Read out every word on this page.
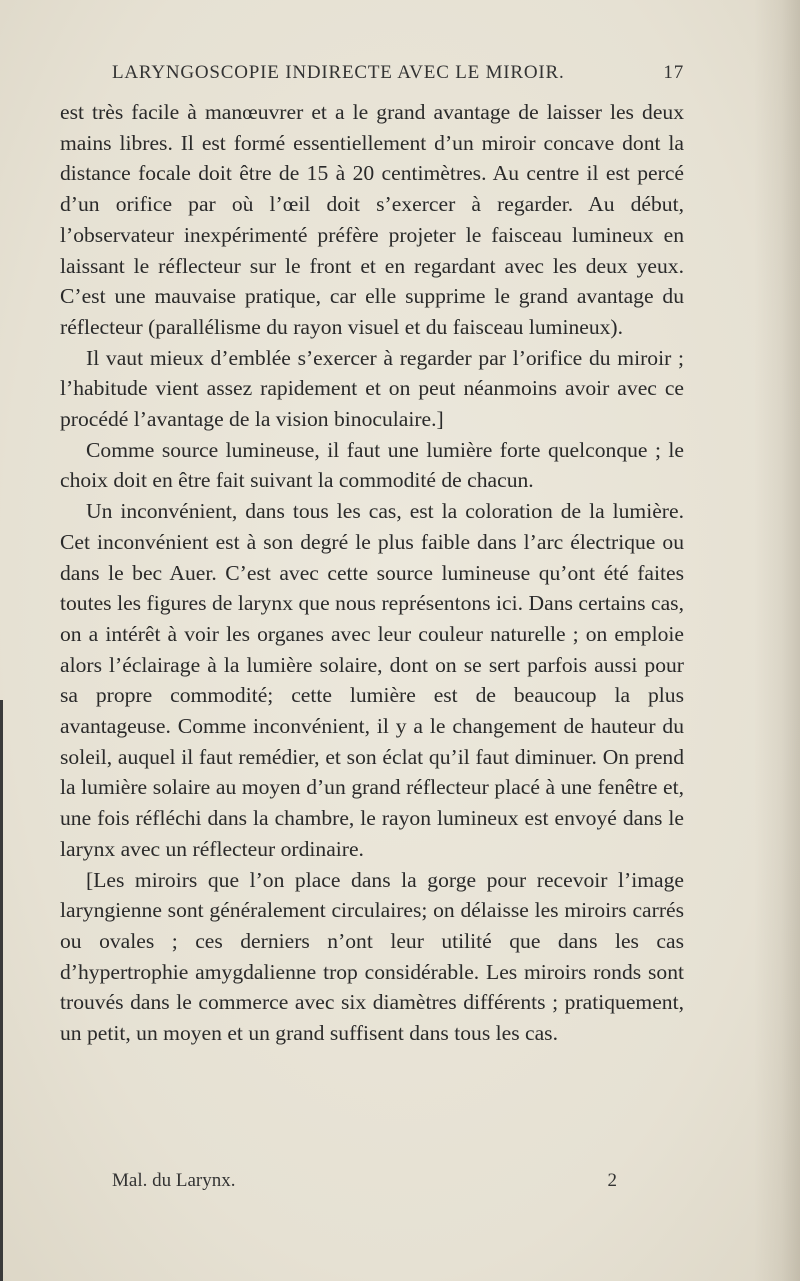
LARYNGOSCOPIE INDIRECTE AVEC LE MIROIR.	17

est très facile à manœuvrer et a le grand avantage de laisser les deux mains libres. Il est formé essentiellement d’un miroir concave dont la distance focale doit être de 15 à 20 centimètres. Au centre il est percé d’un orifice par où l’œil doit s’exercer à regarder. Au début, l’observateur inexpérimenté préfère projeter le faisceau lumineux en laissant le réflecteur sur le front et en regardant avec les deux yeux. C’est une mauvaise pratique, car elle supprime le grand avantage du réflecteur (parallélisme du rayon visuel et du faisceau lumineux).

Il vaut mieux d’emblée s’exercer à regarder par l’orifice du miroir ; l’habitude vient assez rapidement et on peut néanmoins avoir avec ce procédé l’avantage de la vision binoculaire.]

Comme source lumineuse, il faut une lumière forte quelconque ; le choix doit en être fait suivant la commodité de chacun.

Un inconvénient, dans tous les cas, est la coloration de la lumière. Cet inconvénient est à son degré le plus faible dans l’arc électrique ou dans le bec Auer. C’est avec cette source lumineuse qu’ont été faites toutes les figures de larynx que nous représentons ici. Dans certains cas, on a intérêt à voir les organes avec leur couleur naturelle ; on emploie alors l’éclairage à la lumière solaire, dont on se sert parfois aussi pour sa propre commodité; cette lumière est de beaucoup la plus avantageuse. Comme inconvénient, il y a le changement de hauteur du soleil, auquel il faut remédier, et son éclat qu’il faut diminuer. On prend la lumière solaire au moyen d’un grand réflecteur placé à une fenêtre et, une fois réfléchi dans la chambre, le rayon lumineux est envoyé dans le larynx avec un réflecteur ordinaire.

[Les miroirs que l’on place dans la gorge pour recevoir l’image laryngienne sont généralement circulaires; on délaisse les miroirs carrés ou ovales ; ces derniers n’ont leur utilité que dans les cas d’hypertrophie amygdalienne trop considérable. Les miroirs ronds sont trouvés dans le commerce avec six diamètres différents ; pratiquement, un petit, un moyen et un grand suffisent dans tous les cas.

Mal. du Larynx.	2
